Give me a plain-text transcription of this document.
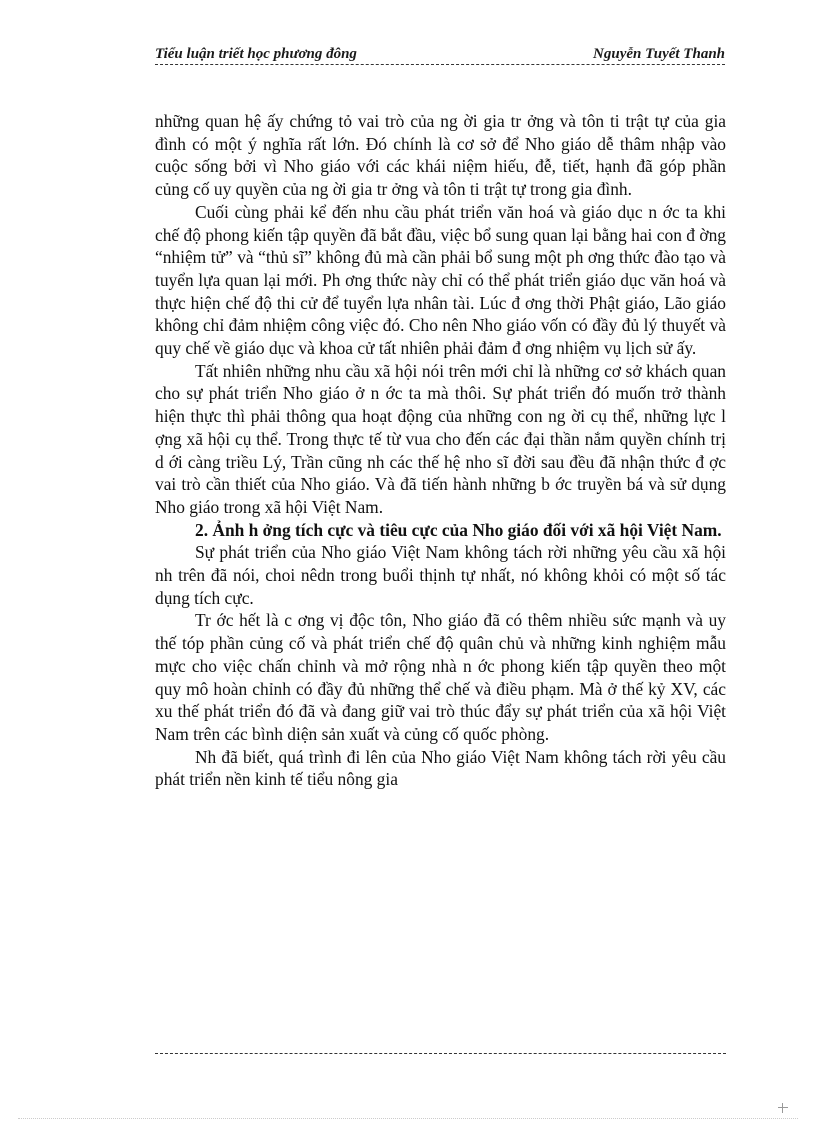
Tiểu luận triết học phương đông	Nguyễn Tuyết Thanh

những quan hệ ấy chứng tỏ vai trò của ng ời gia tr ởng và tôn ti trật tự của gia đình có một ý nghĩa rất lớn. Đó chính là cơ sở để Nho giáo dễ thâm nhập vào cuộc sống bởi vì Nho giáo với các khái niệm hiếu, đễ, tiết, hạnh đã góp phần củng cố uy quyền của ng ời gia tr ởng và tôn ti trật tự trong gia đình.

Cuối cùng phải kể đến nhu cầu phát triển văn hoá và giáo dục n ớc ta khi chế độ phong kiến tập quyền đã bắt đầu, việc bổ sung quan lại bằng hai con đ ờng “nhiệm tử” và “thủ sĩ” không đủ mà cần phải bổ sung một ph ơng thức đào tạo và tuyển lựa quan lại mới. Ph ơng thức này chỉ có thể phát triển giáo dục văn hoá và thực hiện chế độ thi cử để tuyển lựa nhân tài. Lúc đ ơng thời Phật giáo, Lão giáo không chỉ đảm nhiệm công việc đó. Cho nên Nho giáo vốn có đầy đủ lý thuyết và quy chế về giáo dục và khoa cử tất nhiên phải đảm đ ơng nhiệm vụ lịch sử ấy.

Tất nhiên những nhu cầu xã hội nói trên mới chỉ là những cơ sở khách quan cho sự phát triển Nho giáo ở n ớc ta mà thôi. Sự phát triển đó muốn trở thành hiện thực thì phải thông qua hoạt động của những con ng ời cụ thể, những lực l ợng xã hội cụ thể. Trong thực tế từ vua cho đến các đại thần nắm quyền chính trị d ới càng triều Lý, Trần cũng nh các thế hệ nho sĩ đời sau đều đã nhận thức đ ợc vai trò cần thiết của Nho giáo. Và đã tiến hành những b ớc truyền bá và sử dụng Nho giáo trong xã hội Việt Nam.

2. Ảnh h ởng tích cực và tiêu cực của Nho giáo đối với xã hội Việt Nam.

Sự phát triển của Nho giáo Việt Nam không tách rời những yêu cầu xã hội nh trên đã nói, choi nêdn trong buổi thịnh tự nhất, nó không khỏi có một số tác dụng tích cực.

Tr ớc hết là c ơng vị độc tôn, Nho giáo đã có thêm nhiều sức mạnh và uy thế tóp phần củng cố và phát triển chế độ quân chủ và những kinh nghiệm mẫu mực cho việc chấn chỉnh và mở rộng nhà n ớc phong kiến tập quyền theo một quy mô hoàn chỉnh có đầy đủ những thể chế và điều phạm. Mà ở thế kỷ XV, các xu thế phát triển đó đã và đang giữ vai trò thúc đẩy sự phát triển của xã hội Việt Nam trên các bình diện sản xuất và củng cố quốc phòng.

Nh đã biết, quá trình đi lên của Nho giáo Việt Nam không tách rời yêu cầu phát triển nền kinh tế tiểu nông gia
